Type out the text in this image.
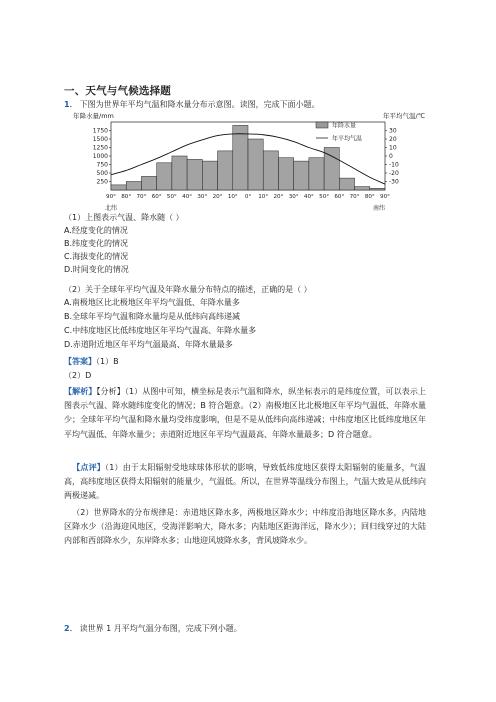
一、天气与气候选择题
1． 下图为世界年平均气温和降水量分布示意图。读图，完成下面小题。
年降水量/mm	年平均气温/℃
1750
1500
1250
1000
750
500
250
30
20
10
0
-10
-20
-30
90° 80° 70° 60° 50° 40° 30° 20° 10° 0° 10° 20° 30° 40° 50° 60° 70° 80° 90°
年降水量
年平均气温
北纬	南纬
（1）上图表示气温、降水随（ ）
A.经度变化的情况
B.纬度变化的情况
C.海拔变化的情况
D.时间变化的情况
（2）关于全球年平均气温及年降水量分布特点的描述，正确的是（ ）
A.南极地区比北极地区年平均气温低、年降水量多
B.全球年平均气温和降水量均是从低纬向高纬递减
C.中纬度地区比低纬度地区年平均气温高、年降水量多
D.赤道附近地区年平均气温最高、年降水量最多
【答案】（1）B
（2）D
【解析】【分析】（1）从图中可知，横坐标是表示气温和降水，纵坐标表示的是纬度位置，可以表示上图表示气温、降水随纬度变化的情况；B 符合题意。（2）南极地区比北极地区年平均气温低、年降水量少；全球年平均气温和降水量均受纬度影响，但是不是从低纬向高纬递减；中纬度地区比低纬度地区年平均气温低、年降水量少；赤道附近地区年平均气温最高、年降水量最多；D 符合题意。
【点评】（1）由于太阳辐射受地球球体形状的影响，导致低纬度地区获得太阳辐射的能量多，气温高，高纬度地区获得太阳辐射的能量少，气温低。所以，在世界等温线分布图上，气温大致是从低纬向两极递减。
（2）世界降水的分布规律是：赤道地区降水多，两极地区降水少；中纬度沿海地区降水多，内陆地区降水少（沿海迎风地区，受海洋影响大，降水多；内陆地区距海洋远，降水少）；回归线穿过的大陆内部和西部降水少，东岸降水多；山地迎风坡降水多，背风坡降水少。
2． 读世界 1 月平均气温分布图，完成下列小题。
